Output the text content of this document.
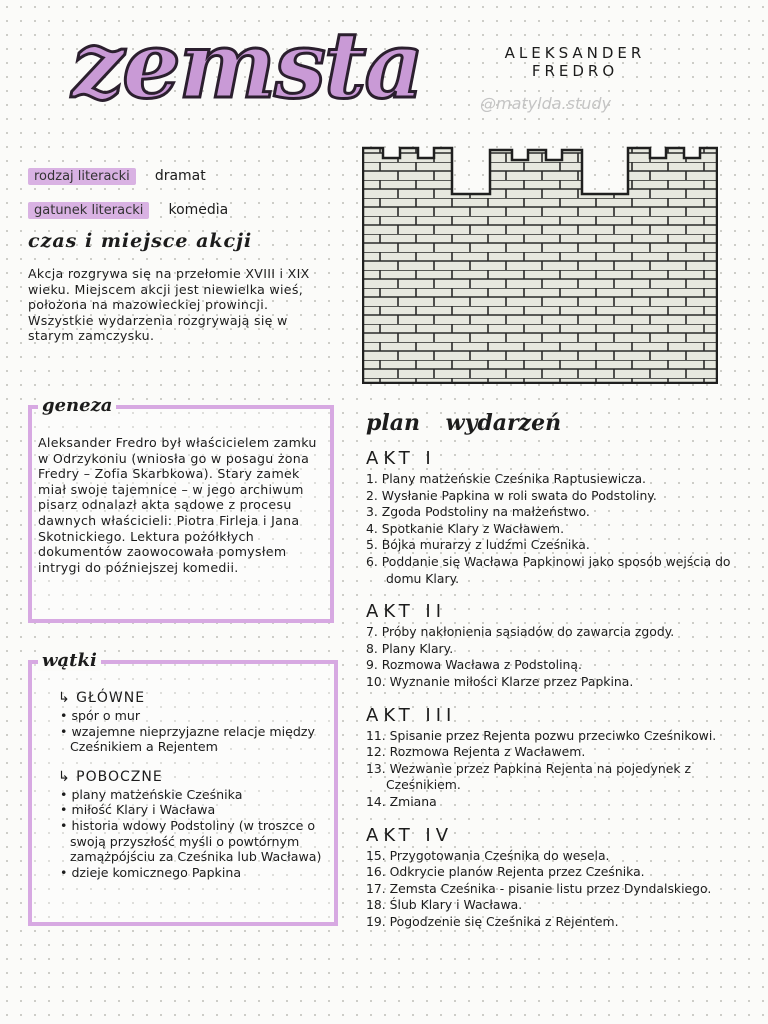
zemsta	ALEKSANDER
FREDRO
@matylda.study
rodzaj literacki dramat
gatunek literacki komedia
czas i miejsce akcji
Akcja rozgrywa się na przełomie XVIII i XIX wieku. Miejscem akcji jest niewielka wieś, położona na mazowieckiej prowincji. Wszystkie wydarzenia rozgrywają się w starym zamczysku.
geneza
Aleksander Fredro był właścicielem zamku w Odrzykoniu (wniosła go w posagu żona Fredry – Zofia Skarbkowa). Stary zamek miał swoje tajemnice – w jego archiwum pisarz odnalazł akta sądowe z procesu dawnych właścicieli: Piotra Firleja i Jana Skotnickiego. Lektura pożółkłych dokumentów zaowocowała pomysłem intrygi do późniejszej komedii.
wątki
↳ GŁÓWNE
• spór o mur
• wzajemne nieprzyjazne relacje między Cześnikiem a Rejentem
↳ POBOCZNE
• plany matżeńskie Cześnika
• miłość Klary i Wacława
• historia wdowy Podstoliny (w troszce o swoją przyszłość myśli o powtórnym zamążpójściu za Cześnika lub Wacława)
• dzieje komicznego Papkina
plan wydarzeń
AKT I
1. Plany matżeńskie Cześnika Raptusiewicza.
2. Wysłanie Papkina w roli swata do Podstoliny.
3. Zgoda Podstoliny na małżeństwo.
4. Spotkanie Klary z Wacławem.
5. Bójka murarzy z ludźmi Cześnika.
6. Poddanie się Wacława Papkinowi jako sposób wejścia do domu Klary.
AKT II
7. Próby nakłonienia sąsiadów do zawarcia zgody.
8. Plany Klary.
9. Rozmowa Wacława z Podstoliną.
10. Wyznanie miłości Klarze przez Papkina.
AKT III
11. Spisanie przez Rejenta pozwu przeciwko Cześnikowi.
12. Rozmowa Rejenta z Wacławem.
13. Wezwanie przez Papkina Rejenta na pojedynek z Cześnikiem.
14. Zmiana
AKT IV
15. Przygotowania Cześnika do wesela.
16. Odkrycie planów Rejenta przez Cześnika.
17. Zemsta Cześnika - pisanie listu przez Dyndalskiego.
18. Ślub Klary i Wacława.
19. Pogodzenie się Cześnika z Rejentem.
